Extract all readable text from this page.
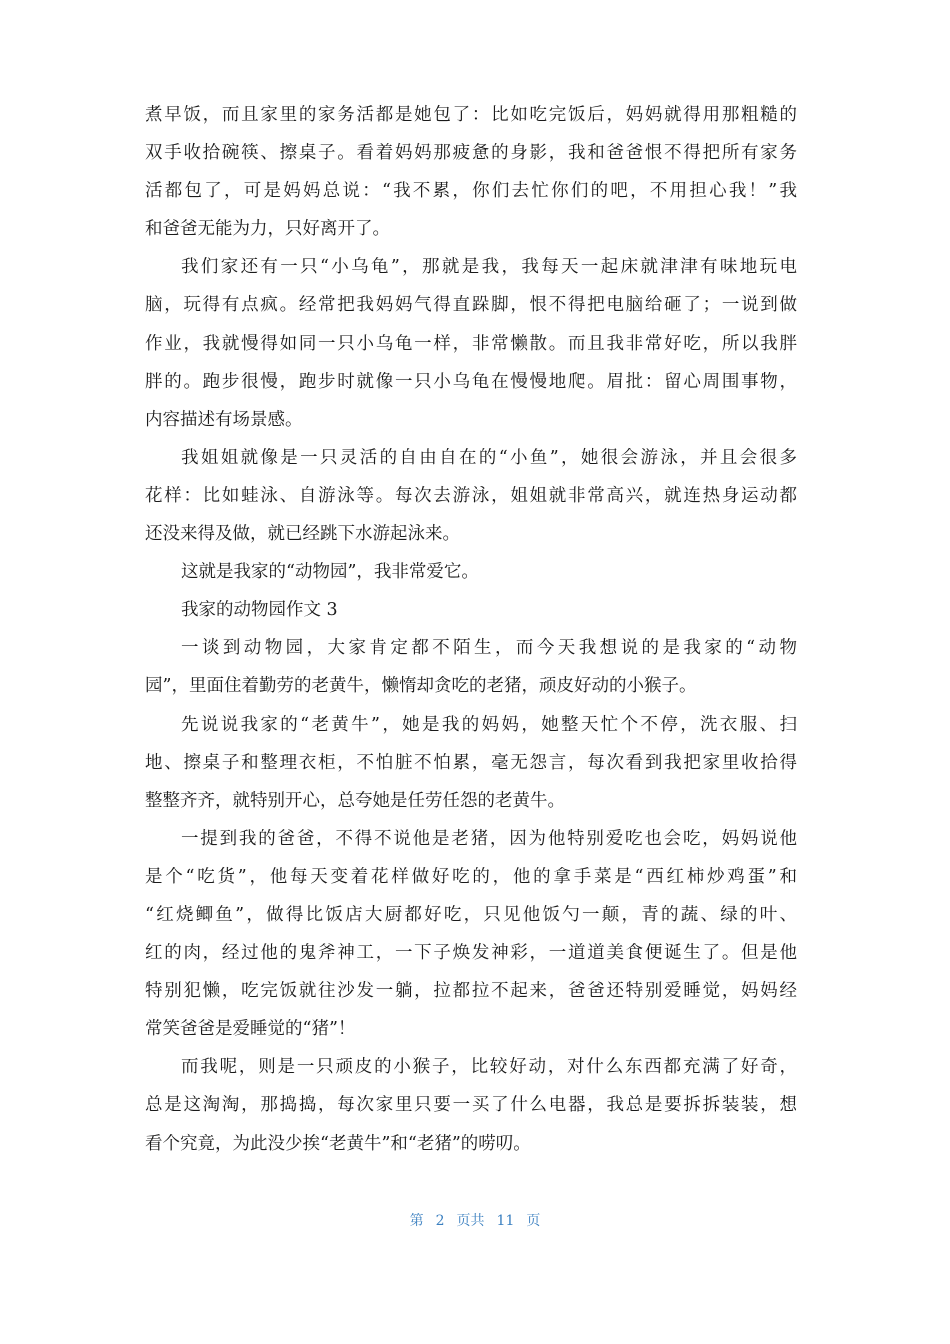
煮早饭，而且家里的家务活都是她包了：比如吃完饭后，妈妈就得用那粗糙的
双手收拾碗筷、擦桌子。看着妈妈那疲惫的身影，我和爸爸恨不得把所有家务
活都包了，可是妈妈总说：“我不累，你们去忙你们的吧，不用担心我！”我
和爸爸无能为力，只好离开了。
我们家还有一只“小乌龟”，那就是我，我每天一起床就津津有味地玩电
脑，玩得有点疯。经常把我妈妈气得直跺脚，恨不得把电脑给砸了；一说到做
作业，我就慢得如同一只小乌龟一样，非常懒散。而且我非常好吃，所以我胖
胖的。跑步很慢，跑步时就像一只小乌龟在慢慢地爬。眉批：留心周围事物，
内容描述有场景感。
我姐姐就像是一只灵活的自由自在的“小鱼”，她很会游泳，并且会很多
花样：比如蛙泳、自游泳等。每次去游泳，姐姐就非常高兴，就连热身运动都
还没来得及做，就已经跳下水游起泳来。
这就是我家的“动物园”，我非常爱它。
我家的动物园作文 3
一谈到动物园，大家肯定都不陌生，而今天我想说的是我家的“动物
园”，里面住着勤劳的老黄牛，懒惰却贪吃的老猪，顽皮好动的小猴子。
先说说我家的“老黄牛”，她是我的妈妈，她整天忙个不停，洗衣服、扫
地、擦桌子和整理衣柜，不怕脏不怕累，毫无怨言，每次看到我把家里收拾得
整整齐齐，就特别开心，总夸她是任劳任怨的老黄牛。
一提到我的爸爸，不得不说他是老猪，因为他特别爱吃也会吃，妈妈说他
是个“吃货”，他每天变着花样做好吃的，他的拿手菜是“西红柿炒鸡蛋”和
“红烧鲫鱼”，做得比饭店大厨都好吃，只见他饭勺一颠，青的蔬、绿的叶、
红的肉，经过他的鬼斧神工，一下子焕发神彩，一道道美食便诞生了。但是他
特别犯懒，吃完饭就往沙发一躺，拉都拉不起来，爸爸还特别爱睡觉，妈妈经
常笑爸爸是爱睡觉的“猪”！
而我呢，则是一只顽皮的小猴子，比较好动，对什么东西都充满了好奇，
总是这淘淘，那捣捣，每次家里只要一买了什么电器，我总是要拆拆装装，想
看个究竟，为此没少挨“老黄牛”和“老猪”的唠叨。
第 2 页共 11 页
